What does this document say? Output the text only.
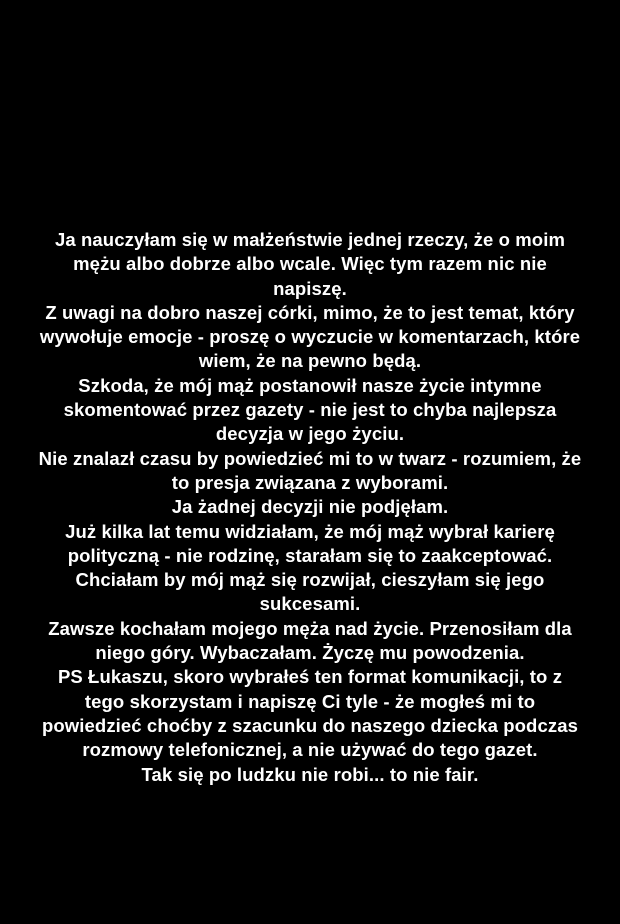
Ja nauczyłam się w małżeństwie jednej rzeczy, że o moim
mężu albo dobrze albo wcale. Więc tym razem nic nie
napiszę.
Z uwagi na dobro naszej córki, mimo, że to jest temat, który
wywołuje emocje - proszę o wyczucie w komentarzach, które
wiem, że na pewno będą.
Szkoda, że mój mąż postanowił nasze życie intymne
skomentować przez gazety - nie jest to chyba najlepsza
decyzja w jego życiu.
Nie znalazł czasu by powiedzieć mi to w twarz - rozumiem, że
to presja związana z wyborami.
Ja żadnej decyzji nie podjęłam.
Już kilka lat temu widziałam, że mój mąż wybrał karierę
polityczną - nie rodzinę, starałam się to zaakceptować.
Chciałam by mój mąż się rozwijał, cieszyłam się jego
sukcesami.
Zawsze kochałam mojego męża nad życie. Przenosiłam dla
niego góry. Wybaczałam. Życzę mu powodzenia.
PS Łukaszu, skoro wybrałeś ten format komunikacji, to z
tego skorzystam i napiszę Ci tyle - że mogłeś mi to
powiedzieć choćby z szacunku do naszego dziecka podczas
rozmowy telefonicznej, a nie używać do tego gazet.
Tak się po ludzku nie robi... to nie fair.
